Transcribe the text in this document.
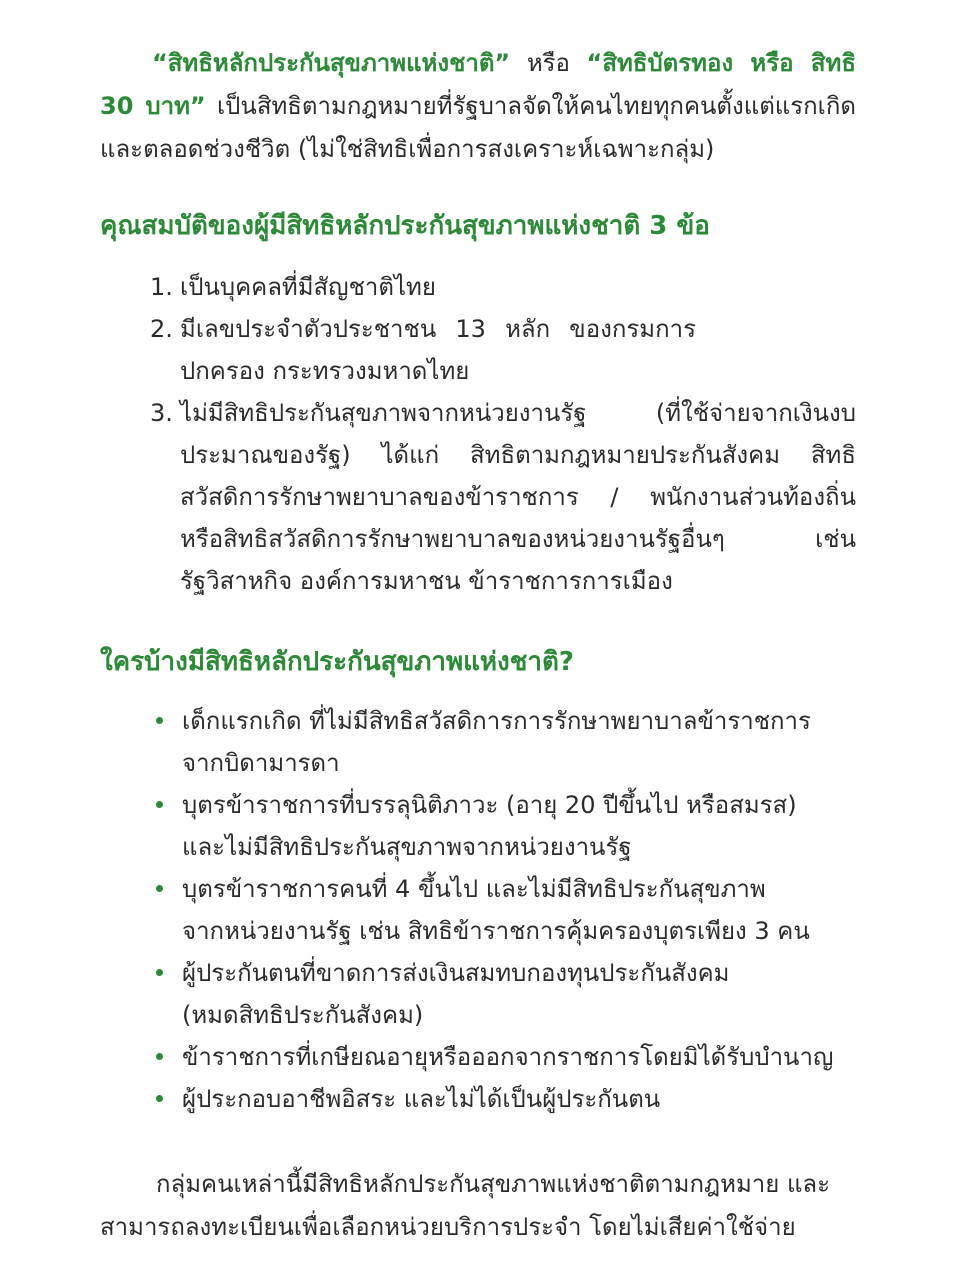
“สิทธิหลักประกันสุขภาพแห่งชาติ” หรือ “สิทธิบัตรทอง หรือ สิทธิ 30 บาท” เป็นสิทธิตามกฎหมายที่รัฐบาลจัดให้คนไทยทุกคนตั้งแต่แรกเกิดและตลอดช่วงชีวิต (ไม่ใช่สิทธิเพื่อการสงเคราะห์เฉพาะกลุ่ม)

คุณสมบัติของผู้มีสิทธิหลักประกันสุขภาพแห่งชาติ 3 ข้อ
1. เป็นบุคคลที่มีสัญชาติไทย
2. มีเลขประจำตัวประชาชน 13 หลัก ของกรมการปกครอง กระทรวงมหาดไทย
3. ไม่มีสิทธิประกันสุขภาพจากหน่วยงานรัฐ (ที่ใช้จ่ายจากเงินงบประมาณของรัฐ) ได้แก่ สิทธิตามกฎหมายประกันสังคม สิทธิสวัสดิการรักษาพยาบาลของข้าราชการ / พนักงานส่วนท้องถิ่น หรือสิทธิสวัสดิการรักษาพยาบาลของหน่วยงานรัฐอื่นๆ เช่น รัฐวิสาหกิจ องค์การมหาชน ข้าราชการการเมือง
ใครบ้างมีสิทธิหลักประกันสุขภาพแห่งชาติ?
เด็กแรกเกิด ที่ไม่มีสิทธิสวัสดิการการรักษาพยาบาลข้าราชการ
จากบิดามารดา
บุตรข้าราชการที่บรรลุนิติภาวะ (อายุ 20 ปีขึ้นไป หรือสมรส)
และไม่มีสิทธิประกันสุขภาพจากหน่วยงานรัฐ
บุตรข้าราชการคนที่ 4 ขึ้นไป และไม่มีสิทธิประกันสุขภาพ
จากหน่วยงานรัฐ เช่น สิทธิข้าราชการคุ้มครองบุตรเพียง 3 คน
ผู้ประกันตนที่ขาดการส่งเงินสมทบกองทุนประกันสังคม
(หมดสิทธิประกันสังคม)
ข้าราชการที่เกษียณอายุหรือออกจากราชการโดยมิได้รับบำนาญ
ผู้ประกอบอาชีพอิสระ และไม่ได้เป็นผู้ประกันตน

กลุ่มคนเหล่านี้มีสิทธิหลักประกันสุขภาพแห่งชาติตามกฎหมาย และสามารถลงทะเบียนเพื่อเลือกหน่วยบริการประจำ โดยไม่เสียค่าใช้จ่าย
